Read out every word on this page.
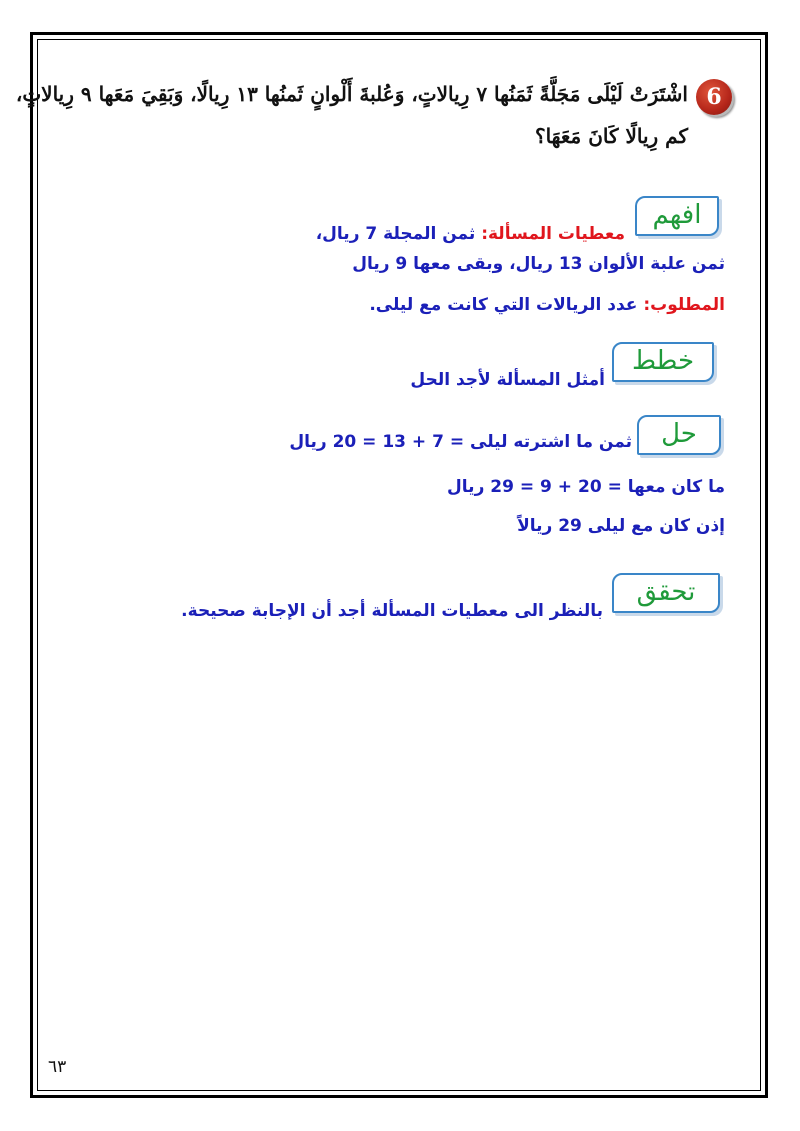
6
اشْتَرَتْ لَيْلَى مَجَلَّةً ثَمَنُها ٧ رِيالاتٍ، وَعُلبةَ أَلْوانٍ ثَمنُها ١٣ رِيالًا، وَبَقِيَ مَعَها ٩ رِيالاتٍ،
كم رِيالًا كَانَ مَعَهَا؟
افهم
معطيات المسألة: ثمن المجلة 7 ريال،
ثمن علبة الألوان 13 ريال، وبقى معها 9 ريال
المطلوب: عدد الريالات التي كانت مع ليلى.
خطط
أمثل المسألة لأجد الحل
حل
ثمن ما اشترته ليلى = 7 + 13 = 20 ريال
ما كان معها = 20 + 9 = 29 ريال
إذن كان مع ليلى 29 ريالاً
تحقق
بالنظر الى معطيات المسألة أجد أن الإجابة صحيحة.
٦٣
